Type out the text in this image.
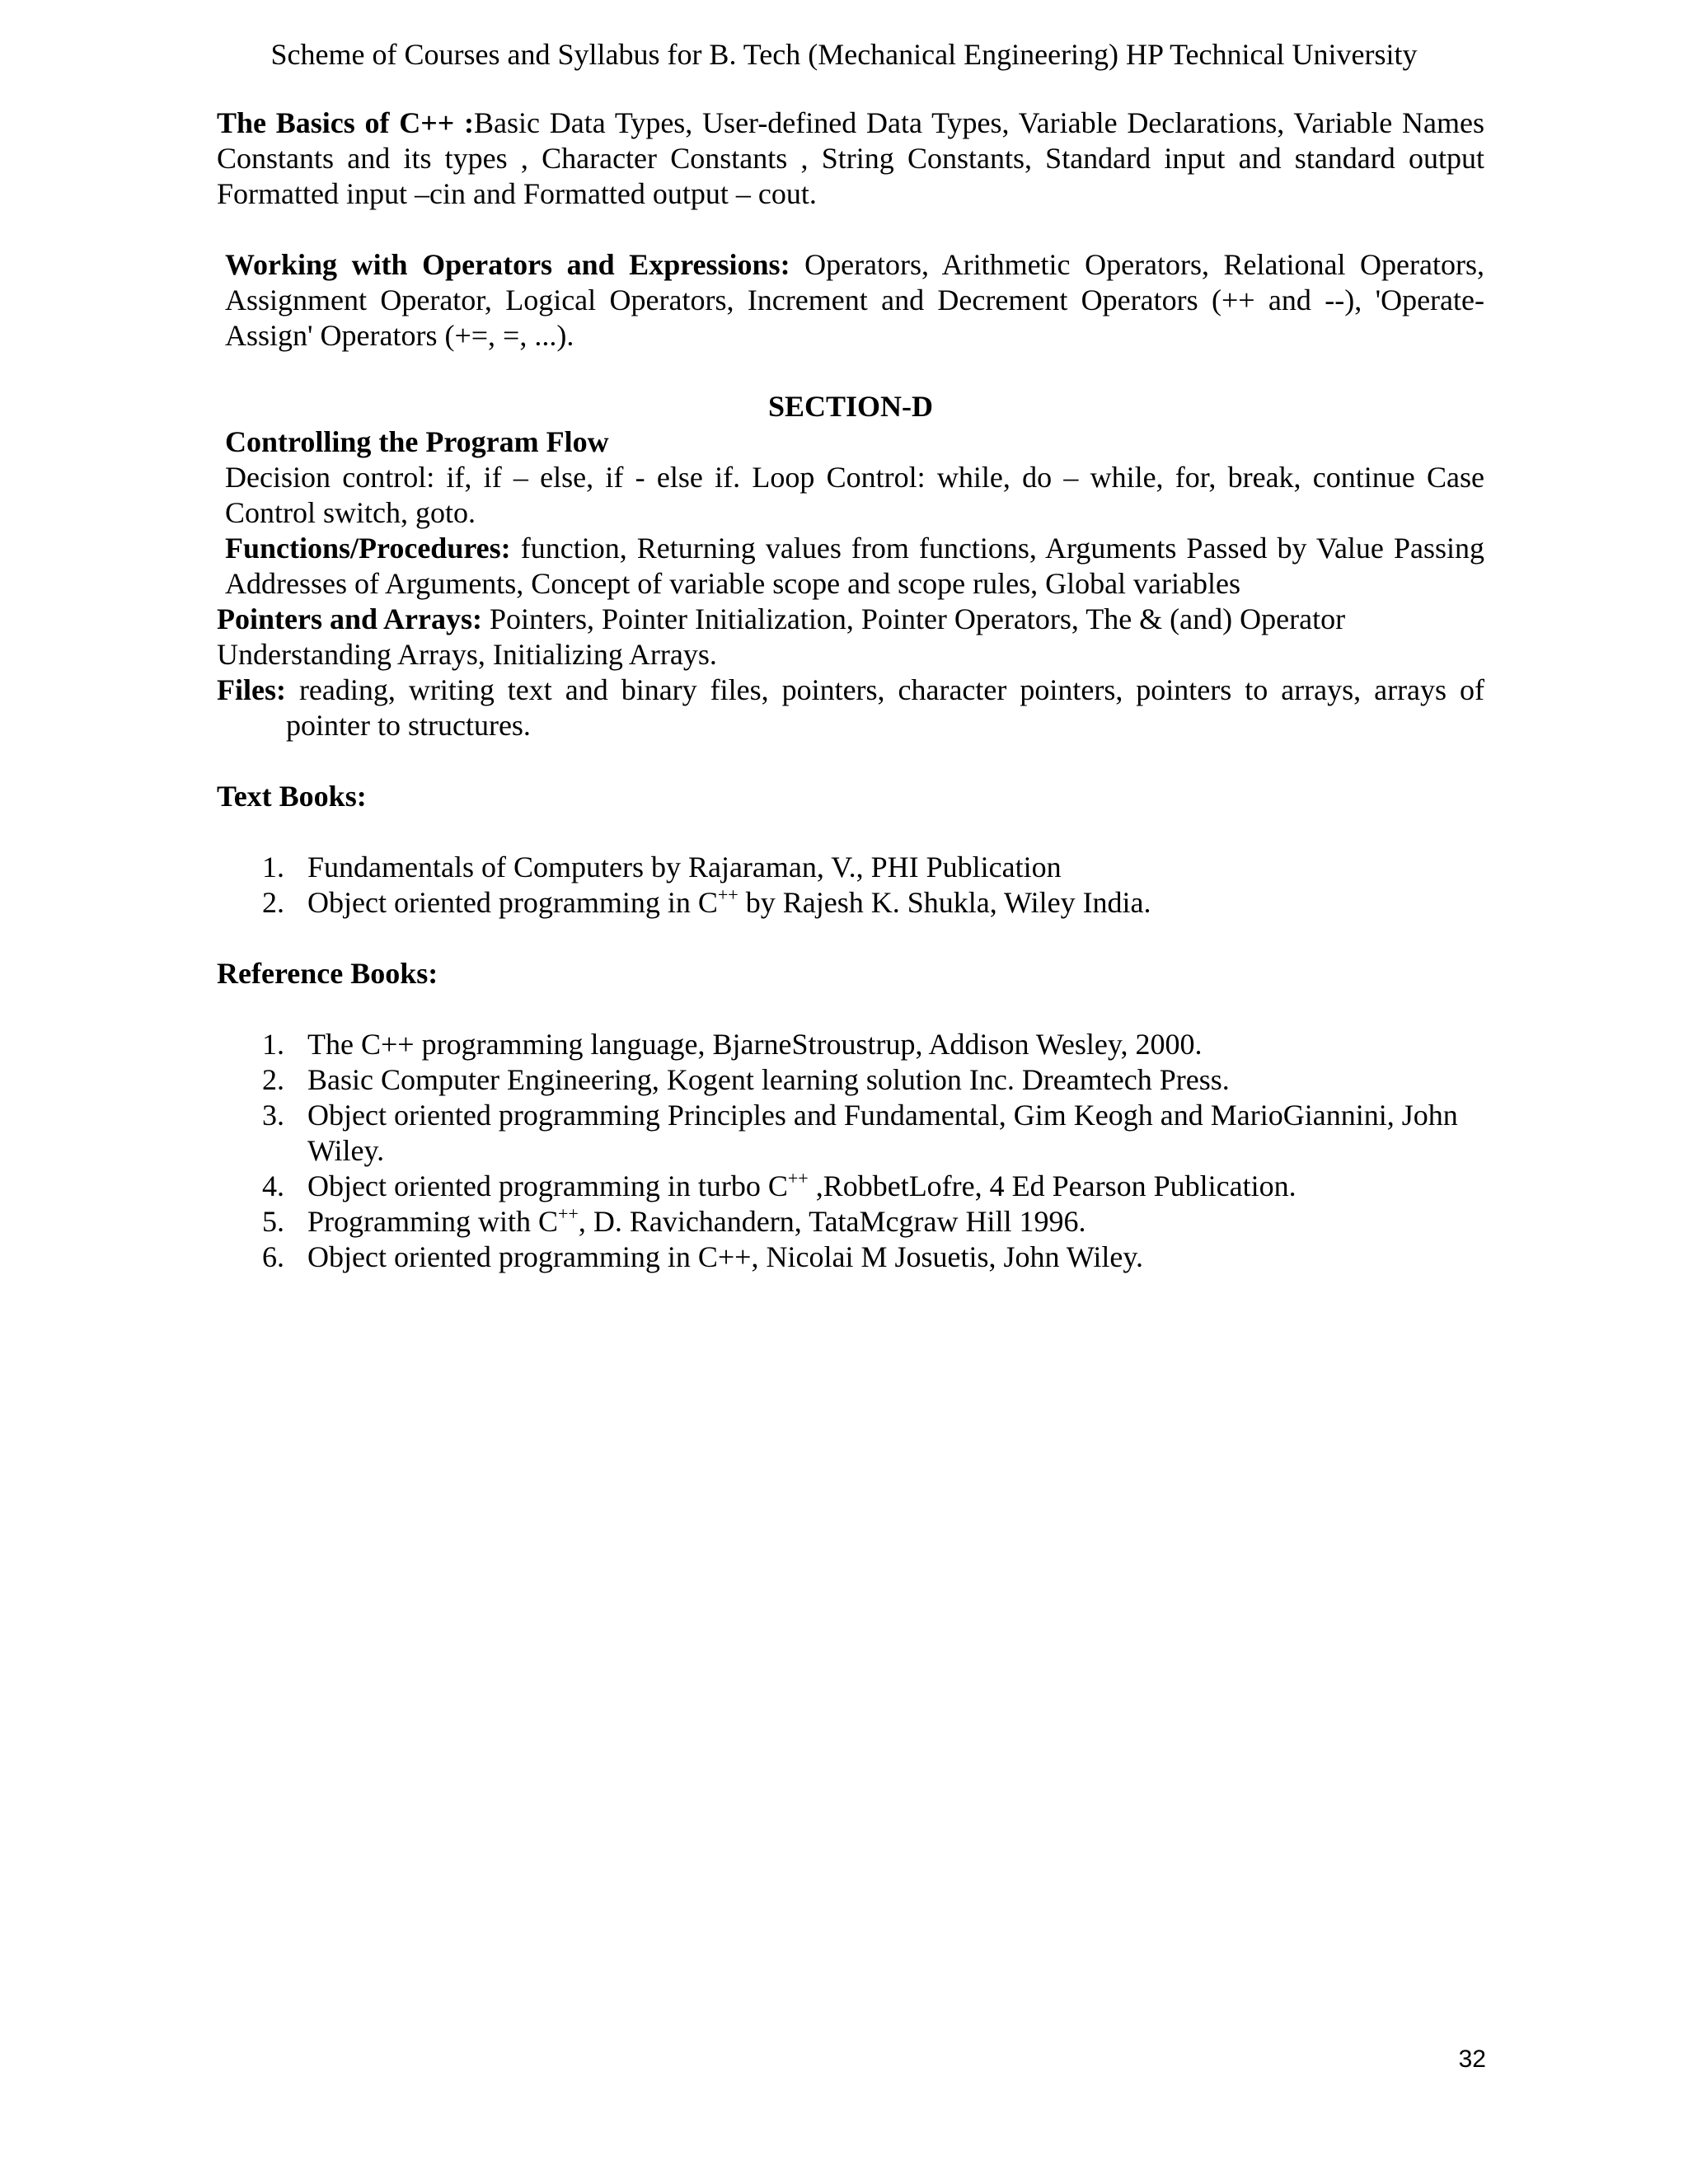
Scheme of Courses and Syllabus for B. Tech (Mechanical Engineering) HP Technical University

The Basics of C++ :Basic Data Types, User-defined Data Types, Variable Declarations, Variable Names Constants and its types , Character Constants , String Constants, Standard input and standard output Formatted input –cin and Formatted output – cout.

Working with Operators and Expressions: Operators, Arithmetic Operators, Relational Operators, Assignment Operator, Logical Operators, Increment and Decrement Operators (++ and --), 'Operate-Assign' Operators (+=, =, ...).

SECTION-D

Controlling the Program Flow

Decision control: if, if – else, if - else if. Loop Control: while, do – while, for, break, continue Case Control switch, goto.

Functions/Procedures: function, Returning values from functions, Arguments Passed by Value Passing Addresses of Arguments, Concept of variable scope and scope rules, Global variables

Pointers and Arrays: Pointers, Pointer Initialization, Pointer Operators, The & (and) Operator
Understanding Arrays, Initializing Arrays.

Files: reading, writing text and binary files, pointers, character pointers, pointers to arrays, arrays of pointer to structures.

Text Books:

1. Fundamentals of Computers by Rajaraman, V., PHI Publication
2. Object oriented programming in C++ by Rajesh K. Shukla, Wiley India.

Reference Books:

1. The C++ programming language, BjarneStroustrup, Addison Wesley, 2000.
2. Basic Computer Engineering, Kogent learning solution Inc. Dreamtech Press.
3. Object oriented programming Principles and Fundamental, Gim Keogh and MarioGiannini, John Wiley.
4. Object oriented programming in turbo C++ ,RobbetLofre, 4 Ed Pearson Publication.
5. Programming with C++, D. Ravichandern, TataMcgraw Hill 1996.
6. Object oriented programming in C++, Nicolai M Josuetis, John Wiley.
32
